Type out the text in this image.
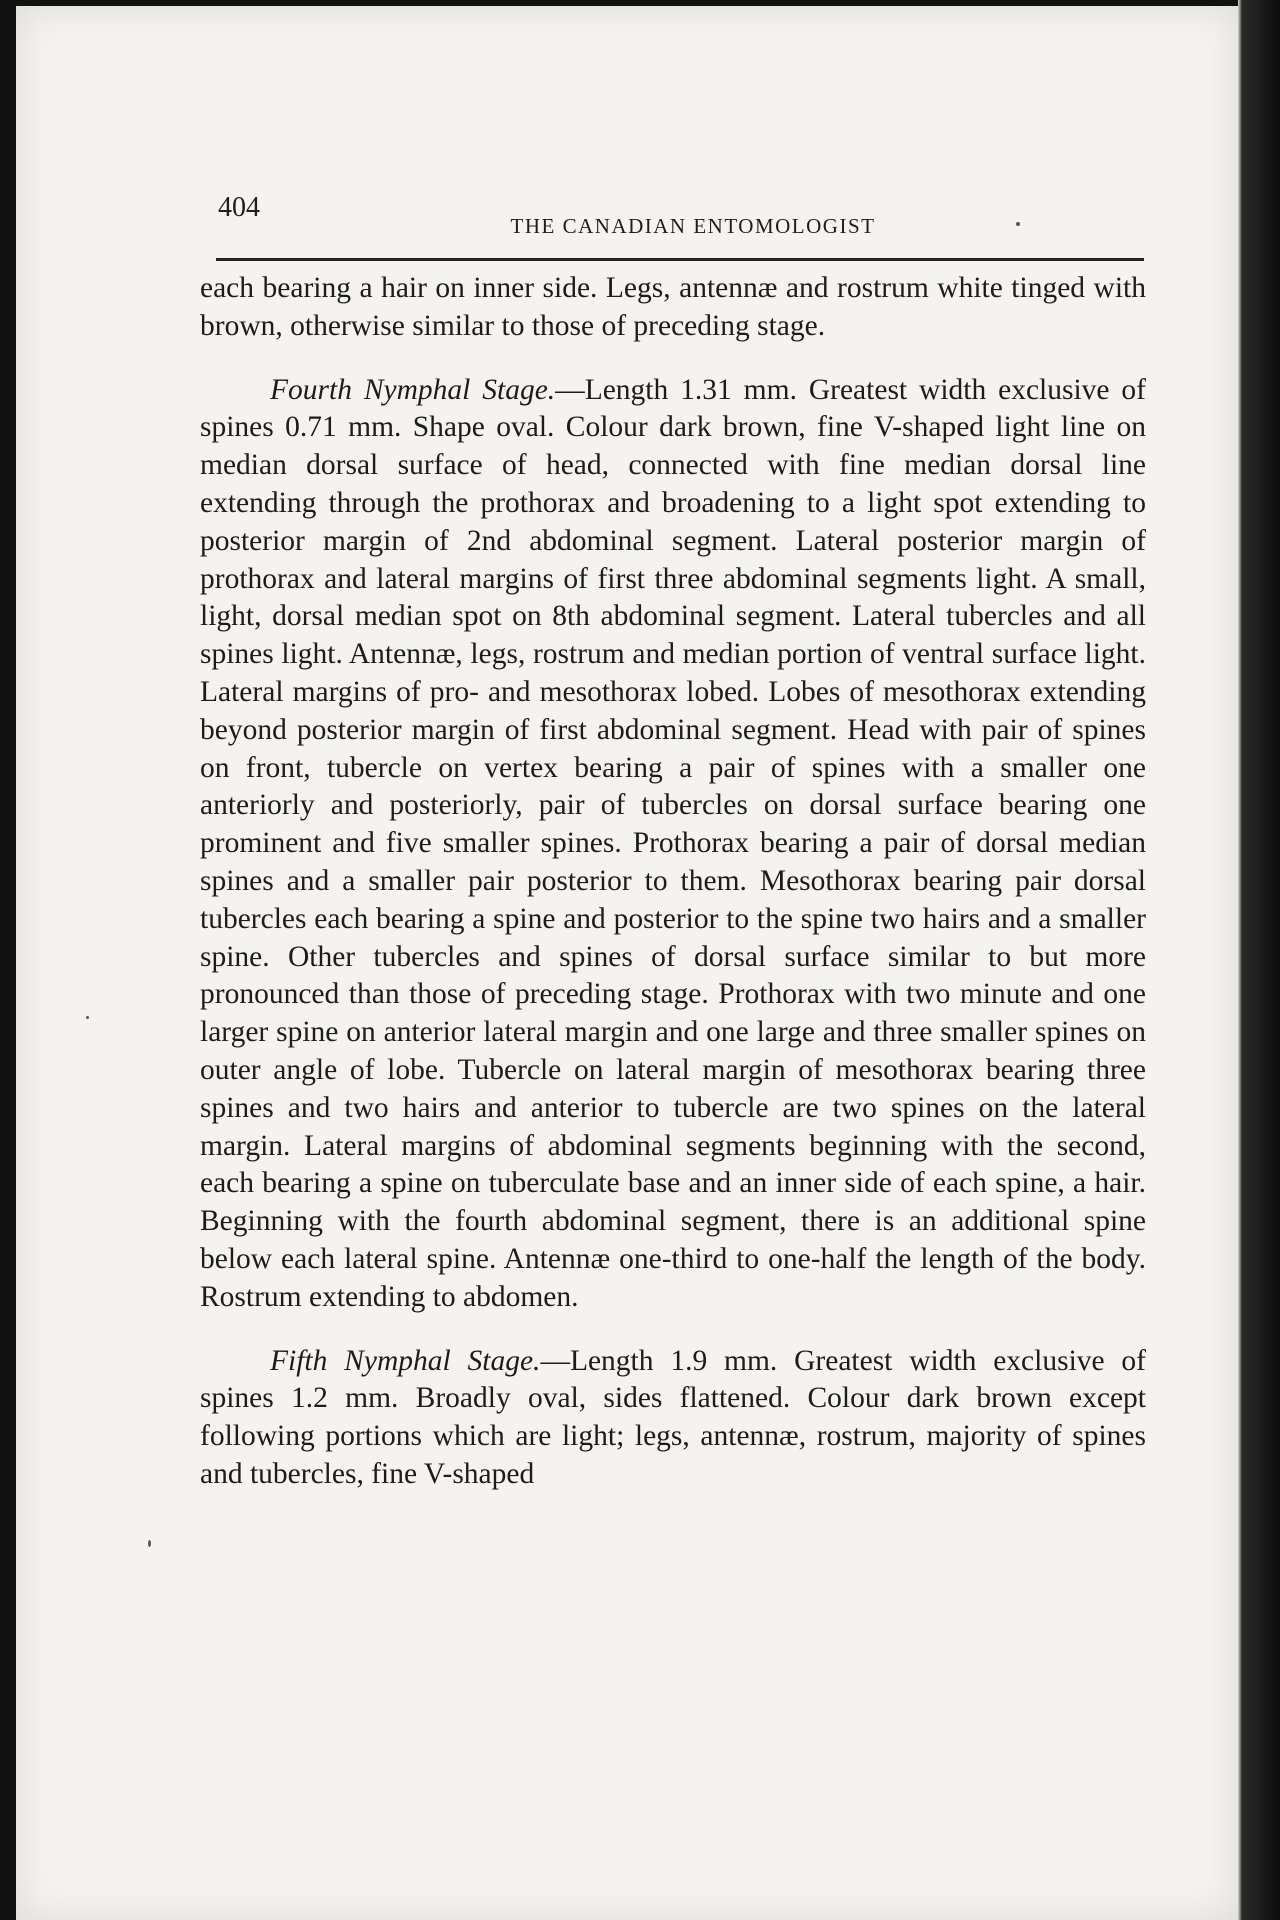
404
THE CANADIAN ENTOMOLOGIST

each bearing a hair on inner side. Legs, antennæ and rostrum white tinged with brown, otherwise similar to those of preceding stage.

Fourth Nymphal Stage.—Length 1.31 mm. Greatest width exclusive of spines 0.71 mm. Shape oval. Colour dark brown, fine V-shaped light line on median dorsal surface of head, connected with fine median dorsal line extending through the prothorax and broadening to a light spot extending to posterior margin of 2nd abdominal segment. Lateral posterior margin of prothorax and lateral margins of first three abdominal segments light. A small, light, dorsal median spot on 8th abdominal segment. Lateral tubercles and all spines light. Antennæ, legs, rostrum and median portion of ventral surface light. Lateral margins of pro- and mesothorax lobed. Lobes of mesothorax extending beyond posterior margin of first abdominal segment. Head with pair of spines on front, tubercle on vertex bearing a pair of spines with a smaller one anteriorly and posteriorly, pair of tubercles on dorsal surface bearing one prominent and five smaller spines. Prothorax bearing a pair of dorsal median spines and a smaller pair posterior to them. Mesothorax bearing pair dorsal tubercles each bearing a spine and posterior to the spine two hairs and a smaller spine. Other tubercles and spines of dorsal surface similar to but more pronounced than those of preceding stage. Prothorax with two minute and one larger spine on anterior lateral margin and one large and three smaller spines on outer angle of lobe. Tubercle on lateral margin of mesothorax bearing three spines and two hairs and anterior to tubercle are two spines on the lateral margin. Lateral margins of abdominal segments beginning with the second, each bearing a spine on tuberculate base and an inner side of each spine, a hair. Beginning with the fourth abdominal segment, there is an additional spine below each lateral spine. Antennæ one-third to one-half the length of the body. Rostrum extending to abdomen.

Fifth Nymphal Stage.—Length 1.9 mm. Greatest width exclusive of spines 1.2 mm. Broadly oval, sides flattened. Colour dark brown except following portions which are light; legs, antennæ, rostrum, majority of spines and tubercles, fine V-shaped
